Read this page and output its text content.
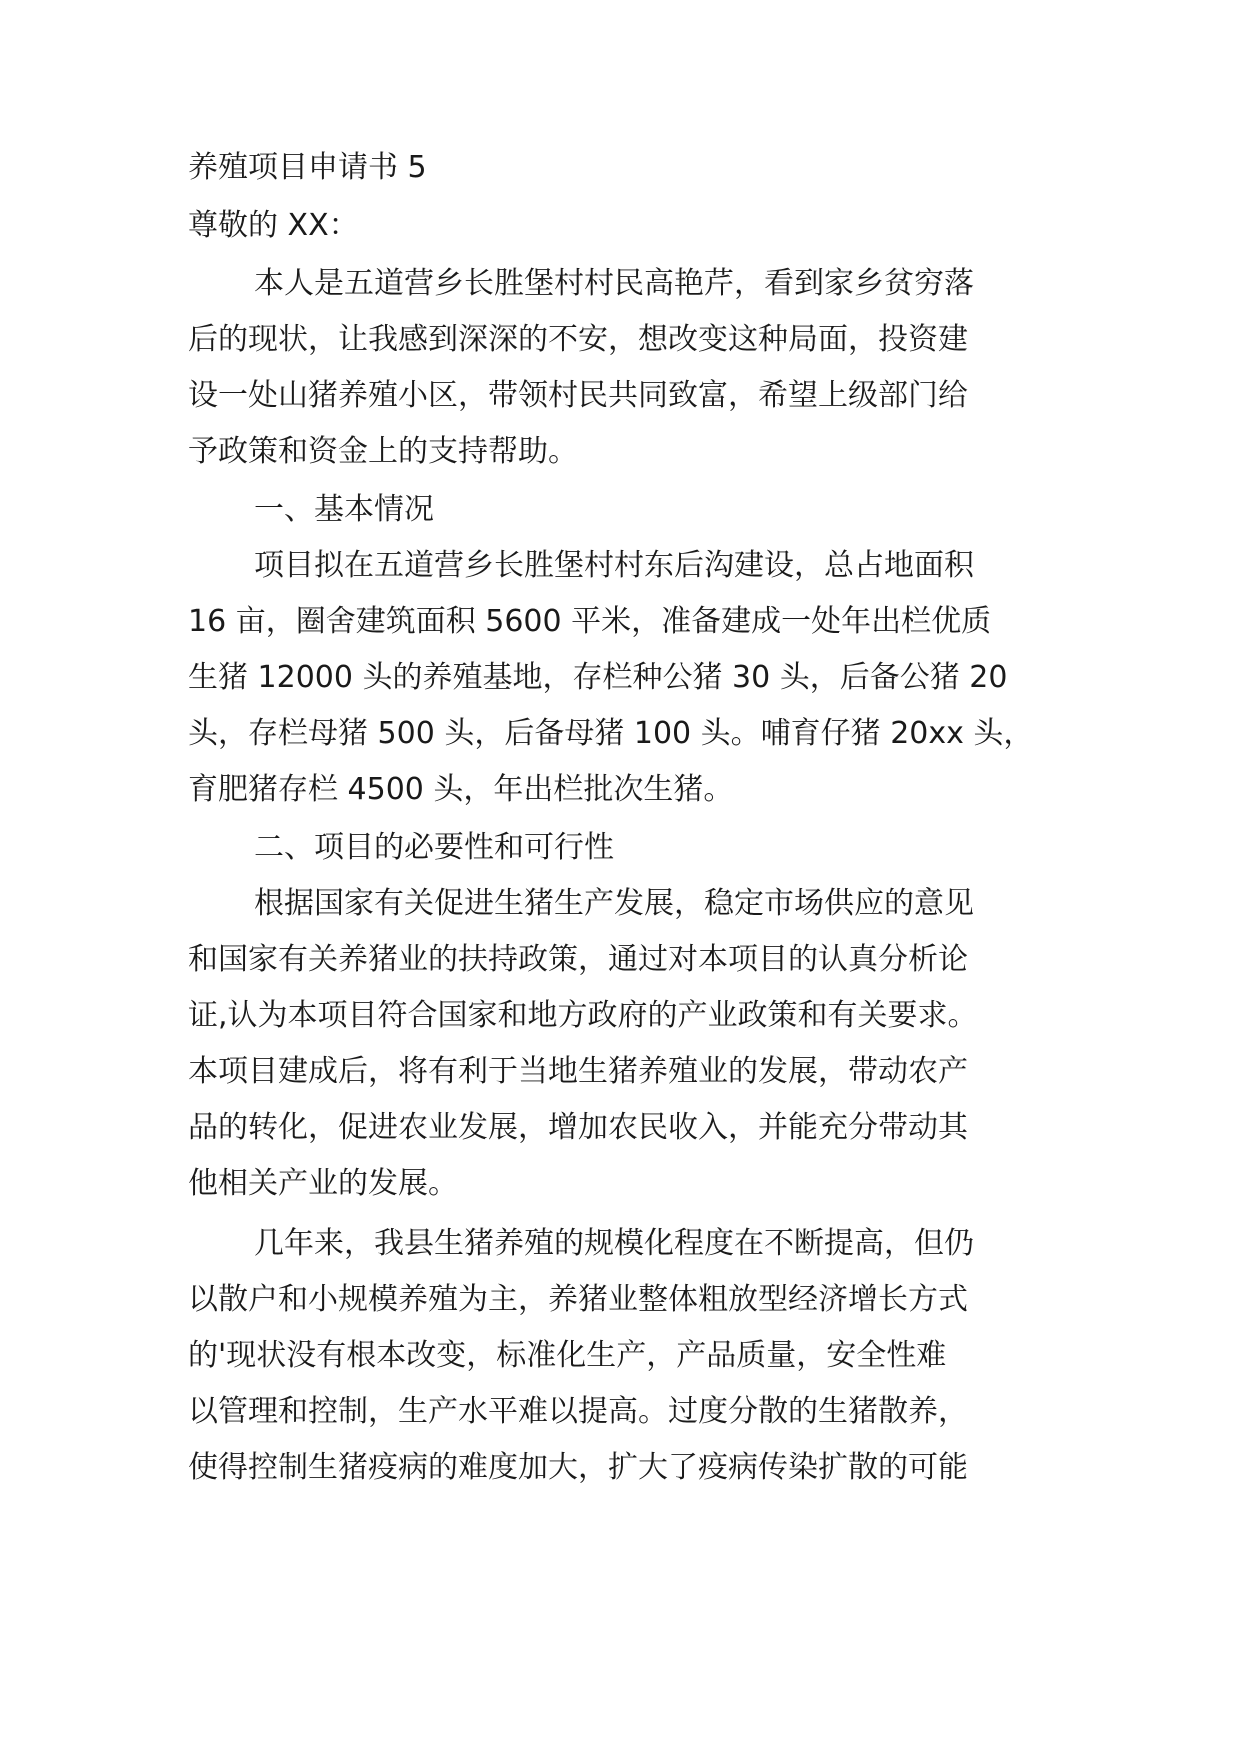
养殖项目申请书 5
尊敬的 XX：
本人是五道营乡长胜堡村村民高艳芹，看到家乡贫穷落
后的现状，让我感到深深的不安，想改变这种局面，投资建
设一处山猪养殖小区，带领村民共同致富，希望上级部门给
予政策和资金上的支持帮助。
一、基本情况
项目拟在五道营乡长胜堡村村东后沟建设，总占地面积
16 亩，圈舍建筑面积 5600 平米，准备建成一处年出栏优质
生猪 12000 头的养殖基地，存栏种公猪 30 头，后备公猪 20
头，存栏母猪 500 头，后备母猪 100 头。哺育仔猪 20xx 头，
育肥猪存栏 4500 头，年出栏批次生猪。
二、项目的必要性和可行性
根据国家有关促进生猪生产发展，稳定市场供应的意见
和国家有关养猪业的扶持政策，通过对本项目的认真分析论
证,认为本项目符合国家和地方政府的产业政策和有关要求。
本项目建成后，将有利于当地生猪养殖业的发展，带动农产
品的转化，促进农业发展，增加农民收入，并能充分带动其
他相关产业的发展。
几年来，我县生猪养殖的规模化程度在不断提高，但仍
以散户和小规模养殖为主，养猪业整体粗放型经济增长方式
的'现状没有根本改变，标准化生产，产品质量，安全性难
以管理和控制，生产水平难以提高。过度分散的生猪散养，
使得控制生猪疫病的难度加大，扩大了疫病传染扩散的可能
